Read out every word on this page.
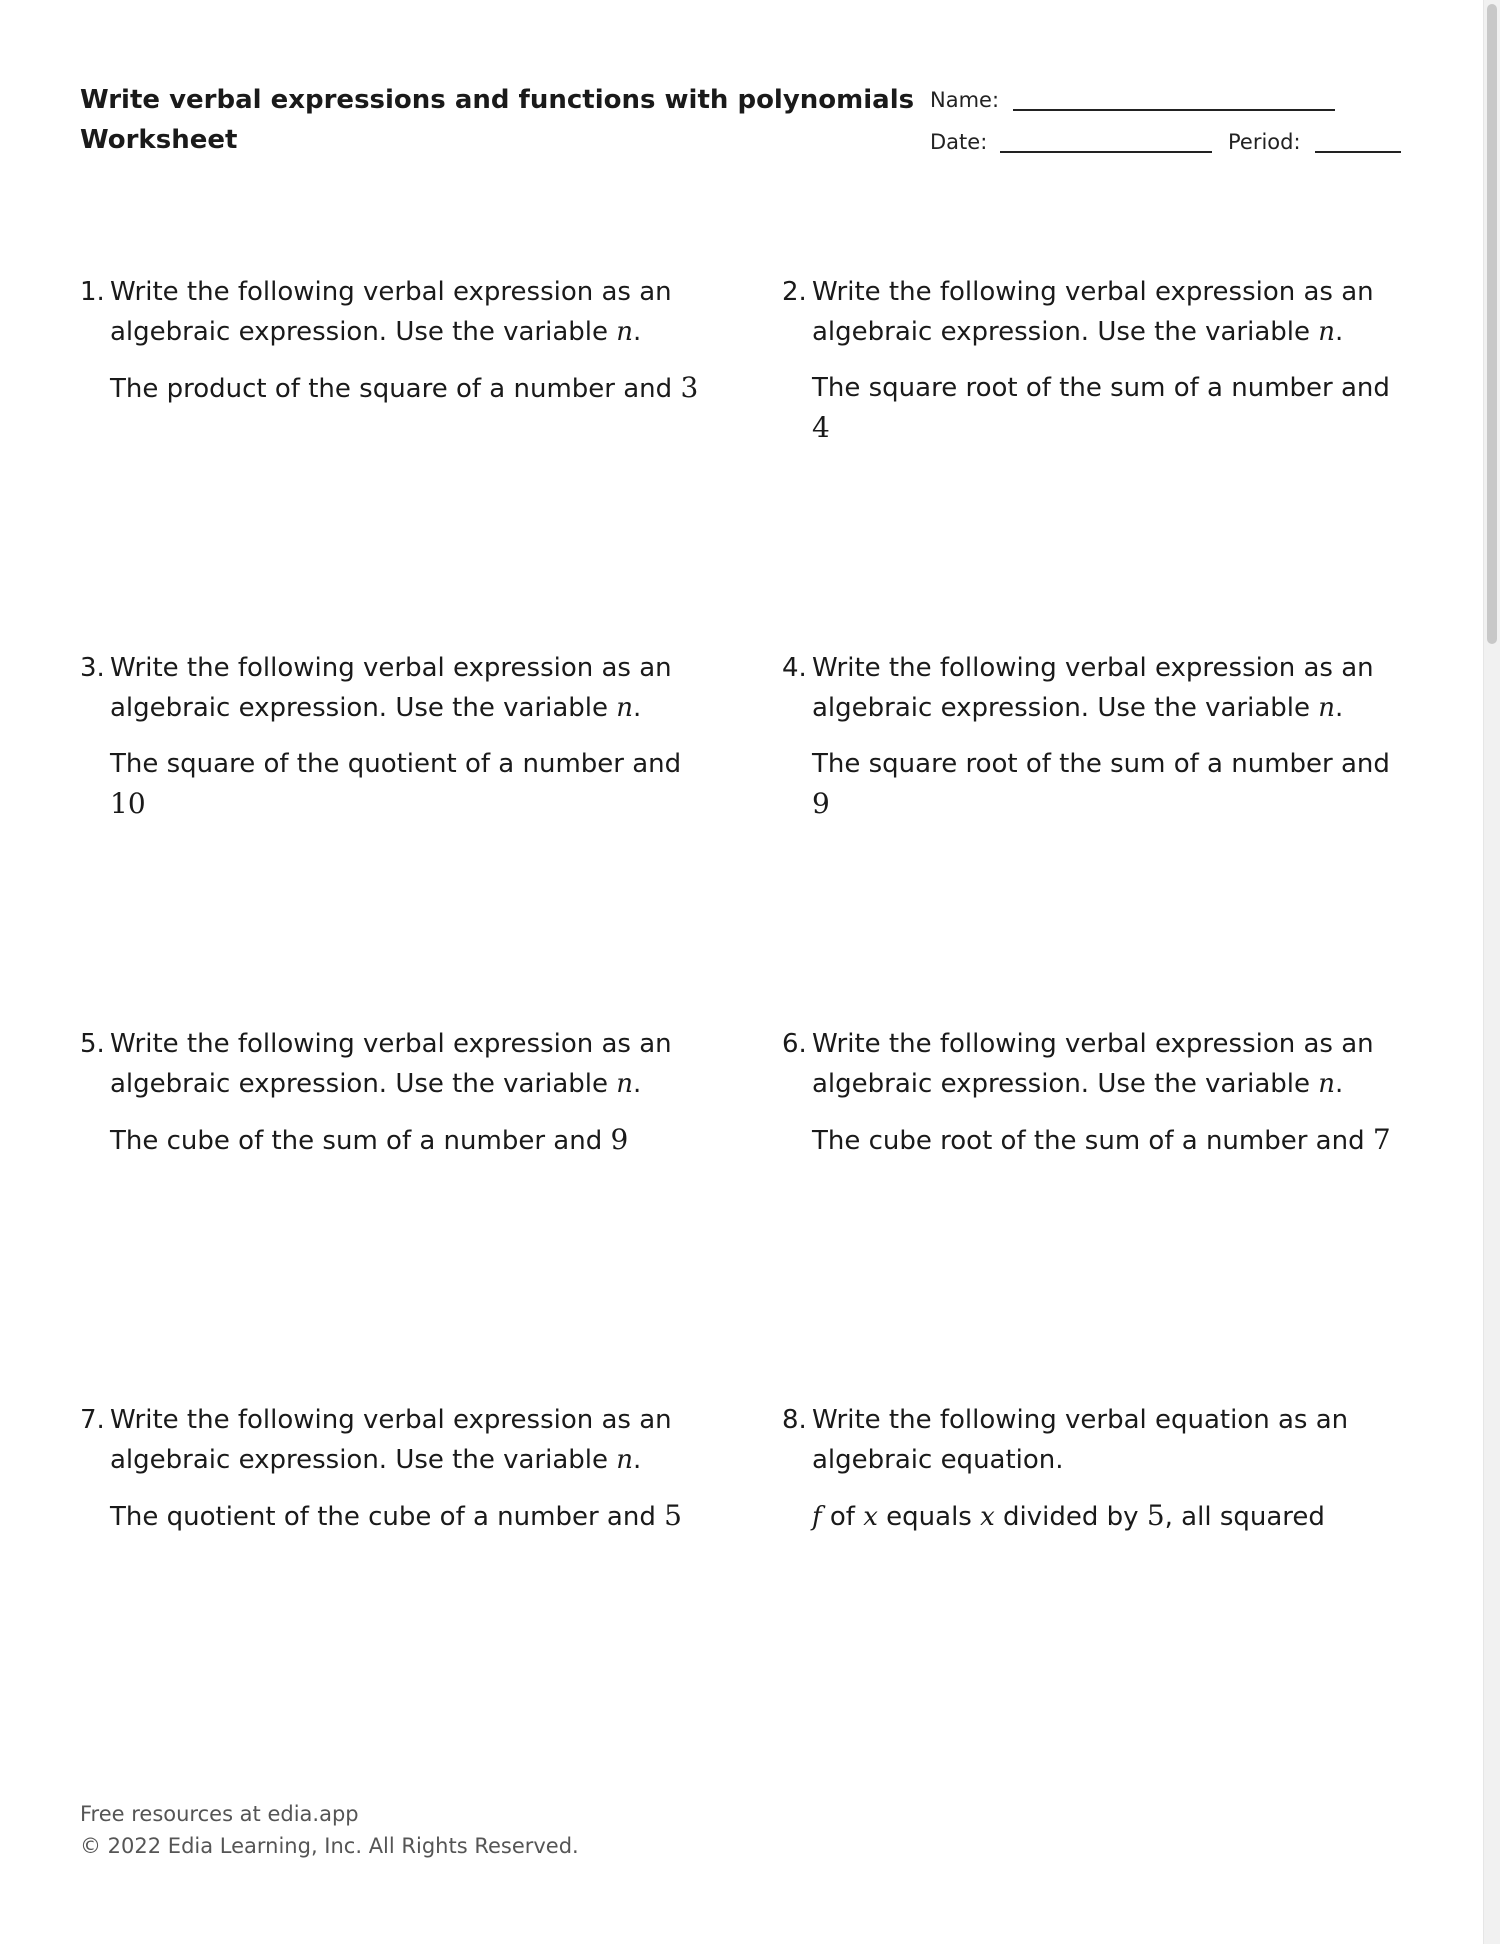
Write verbal expressions and functions with polynomials
Worksheet
Name:
Date:	Period:
1. Write the following verbal expression as an
algebraic expression. Use the variable n.
The product of the square of a number and 3
2. Write the following verbal expression as an
algebraic expression. Use the variable n.
The square root of the sum of a number and 4
3. Write the following verbal expression as an
algebraic expression. Use the variable n.
The square of the quotient of a number and 10
4. Write the following verbal expression as an
algebraic expression. Use the variable n.
The square root of the sum of a number and 9
5. Write the following verbal expression as an
algebraic expression. Use the variable n.
The cube of the sum of a number and 9
6. Write the following verbal expression as an
algebraic expression. Use the variable n.
The cube root of the sum of a number and 7
7. Write the following verbal expression as an
algebraic expression. Use the variable n.
The quotient of the cube of a number and 5
8. Write the following verbal equation as an
algebraic equation.
f of x equals x divided by 5, all squared
Free resources at edia.app
© 2022 Edia Learning, Inc. All Rights Reserved.
